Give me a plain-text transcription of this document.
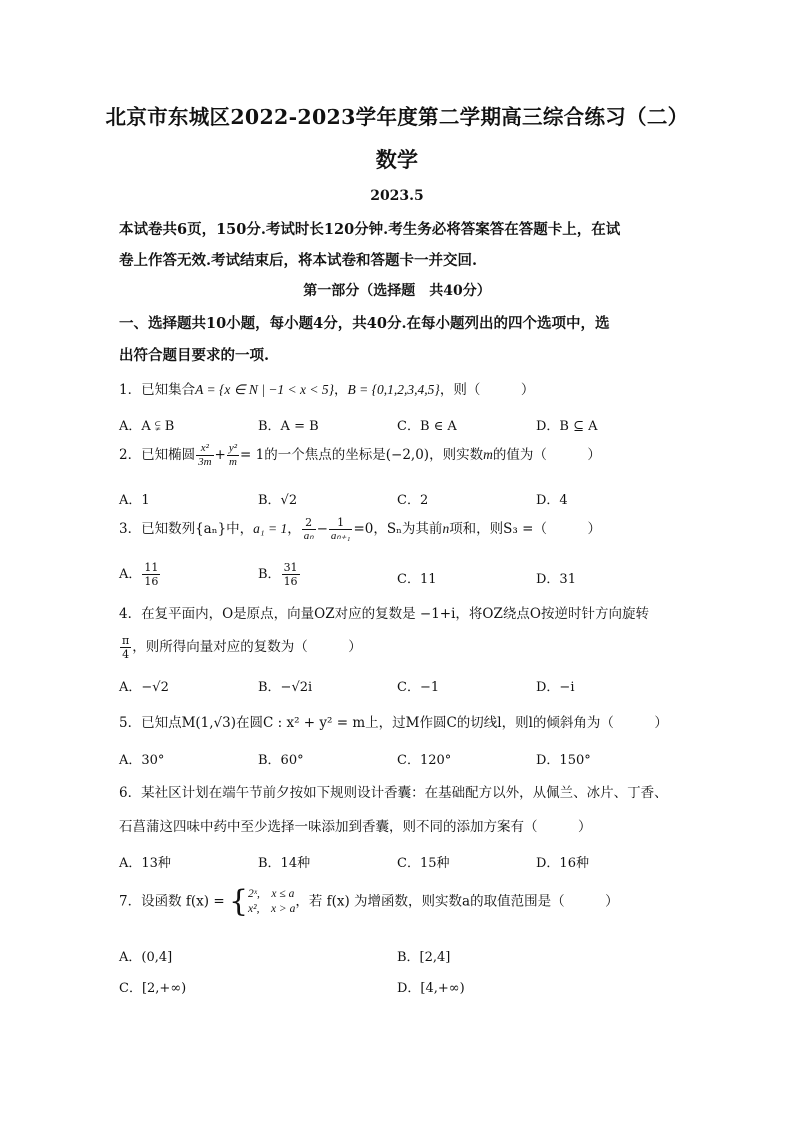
北京市东城区2022-2023学年度第二学期高三综合练习（二）
数学
2023.5
本试卷共6页，150分.考试时长120分钟.考生务必将答案答在答题卡上，在试
卷上作答无效.考试结束后，将本试卷和答题卡一并交回.
第一部分（选择题　共40分）
一、选择题共10小题，每小题4分，共40分.在每小题列出的四个选项中，选
出符合题目要求的一项.
1．已知集合A = {x ∈ N | −1 < x < 5}，B = {0,1,2,3,4,5}，则（　　　）
A．A ⫋ B	B．A = B	C．B ∈ A	D．B ⊆ A
2．已知椭圆 $\frac{\text{x²}}{3m} + \frac{\text{y²}}{m} = 1$的一个焦点的坐标是(−2,0)，则实数m的值为（　　　）
A．1	B．√2	C．2	D．4
3．已知数列{aₙ}中，a₁ = 1， $\frac{2}{\text{aₙ}} - \frac{1}{\text{aₙ₊₁}} =0$，Sₙ为其前n项和，则S₃ =（　　　）
A． $\frac{11}{16}$	B． $\frac{31}{16}$	C．11	D．31
4．在复平面内，O是原点，向量OZ对应的复数是 −1+i，将OZ绕点O按逆时针方向旋转
$\frac{\pi}{4}$ ，则所得向量对应的复数为（　　　）
A．−√2	B．−√2i	C．−1	D．−i
5．已知点M(1,√3)在圆C : x² + y² = m上，过M作圆C的切线l，则l的倾斜角为（　　　）
A．30°	B．60°	C．120°	D．150°
6．某社区计划在端午节前夕按如下规则设计香囊：在基础配方以外，从佩兰、冰片、丁香、
石菖蒲这四味中药中至少选择一味添加到香囊，则不同的添加方案有（　　　）
A．13种	B．14种	C．15种	D．16种
7．设函数 f(x) = { 2ˣ,　x ≤ a
x²,　x > a ，若 f(x) 为增函数，则实数a的取值范围是（　　　）
A．(0,4]	B．[2,4]
C．[2,+∞)	D．[4,+∞)
